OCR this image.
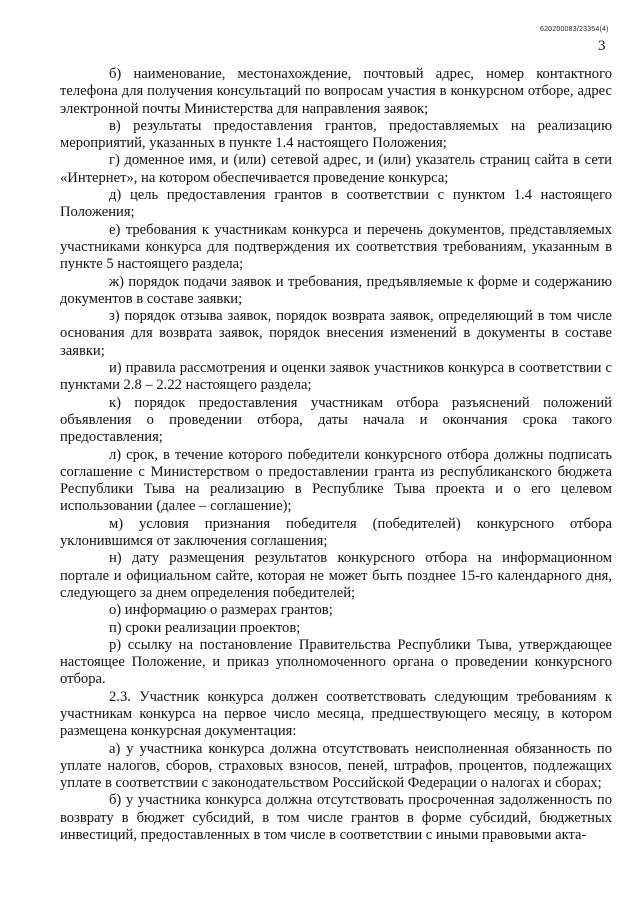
620200083/23354(4)
3

б) наименование, местонахождение, почтовый адрес, номер контактного телефона для получения консультаций по вопросам участия в конкурсном отборе, адрес электронной почты Министерства для направления заявок;

в) результаты предоставления грантов, предоставляемых на реализацию мероприятий, указанных в пункте 1.4 настоящего Положения;

г) доменное имя, и (или) сетевой адрес, и (или) указатель страниц сайта в сети «Интернет», на котором обеспечивается проведение конкурса;

д) цель предоставления грантов в соответствии с пунктом 1.4 настоящего Положения;

е) требования к участникам конкурса и перечень документов, представляемых участниками конкурса для подтверждения их соответствия требованиям, указанным в пункте 5 настоящего раздела;

ж) порядок подачи заявок и требования, предъявляемые к форме и содержанию документов в составе заявки;

з) порядок отзыва заявок, порядок возврата заявок, определяющий в том числе основания для возврата заявок, порядок внесения изменений в документы в составе заявки;

и) правила рассмотрения и оценки заявок участников конкурса в соответствии с пунктами 2.8 – 2.22 настоящего раздела;

к) порядок предоставления участникам отбора разъяснений положений объявления о проведении отбора, даты начала и окончания срока такого предоставления;

л) срок, в течение которого победители конкурсного отбора должны подписать соглашение с Министерством о предоставлении гранта из республиканского бюджета Республики Тыва на реализацию в Республике Тыва проекта и о его целевом использовании (далее – соглашение);

м) условия признания победителя (победителей) конкурсного отбора уклонившимся от заключения соглашения;

н) дату размещения результатов конкурсного отбора на информационном портале и официальном сайте, которая не может быть позднее 15-го календарного дня, следующего за днем определения победителей;

о) информацию о размерах грантов;

п) сроки реализации проектов;

р) ссылку на постановление Правительства Республики Тыва, утверждающее настоящее Положение, и приказ уполномоченного органа о проведении конкурсного отбора.

2.3. Участник конкурса должен соответствовать следующим требованиям к участникам конкурса на первое число месяца, предшествующего месяцу, в котором размещена конкурсная документация:

а) у участника конкурса должна отсутствовать неисполненная обязанность по уплате налогов, сборов, страховых взносов, пеней, штрафов, процентов, подлежащих уплате в соответствии с законодательством Российской Федерации о налогах и сборах;

б) у участника конкурса должна отсутствовать просроченная задолженность по возврату в бюджет субсидий, в том числе грантов в форме субсидий, бюджетных инвестиций, предоставленных в том числе в соответствии с иными правовыми акта-
